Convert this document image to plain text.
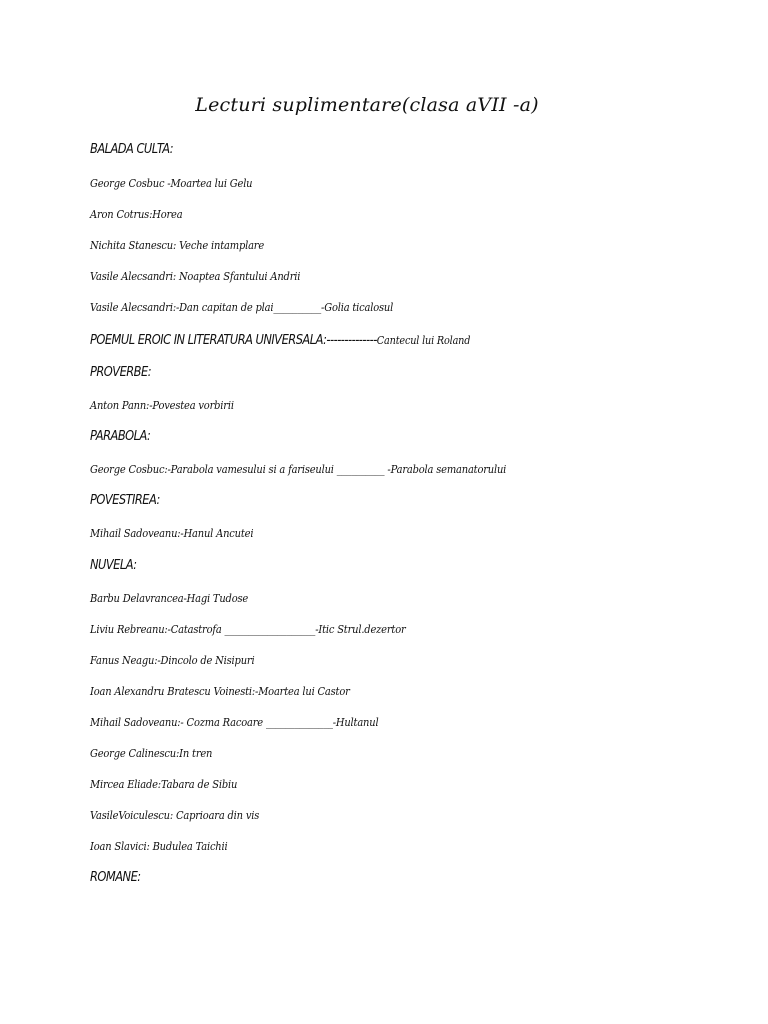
Lecturi suplimentare(clasa aVII -a)
BALADA CULTA:
George Cosbuc -Moartea lui Gelu
Aron Cotrus:Horea
Nichita Stanescu: Veche intamplare
Vasile Alecsandri: Noaptea Sfantului Andrii
Vasile Alecsandri:-Dan capitan de plai__________-Golia ticalosul
POEMUL EROIC IN LITERATURA UNIVERSALA:--------------Cantecul lui Roland
PROVERBE:
Anton Pann:-Povestea vorbirii
PARABOLA:
George Cosbuc:-Parabola vamesului si a fariseului __________ -Parabola semanatorului
POVESTIREA:
Mihail Sadoveanu:-Hanul Ancutei
NUVELA:
Barbu Delavrancea-Hagi Tudose
Liviu Rebreanu:-Catastrofa ___________________-Itic Strul.dezertor
Fanus Neagu:-Dincolo de Nisipuri
Ioan Alexandru Bratescu Voinesti:-Moartea lui Castor
Mihail Sadoveanu:- Cozma Racoare ______________-Hultanul
George Calinescu:In tren
Mircea Eliade:Tabara de Sibiu
VasileVoiculescu: Caprioara din vis
Ioan Slavici: Budulea Taichii
ROMANE:
